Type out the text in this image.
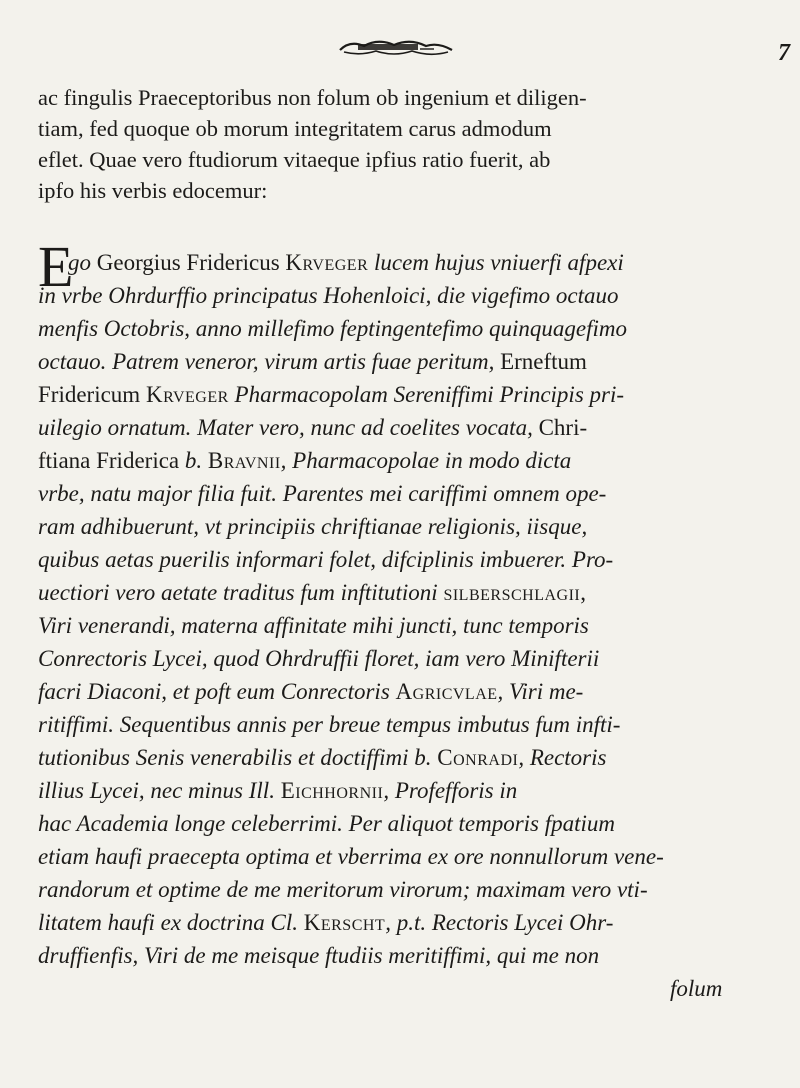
7
ac fingulis Praeceptoribus non folum ob ingenium et diligen-
tiam, fed quoque ob morum integritatem carus admodum
eflet. Quae vero ftudiorum vitaeque ipfius ratio fuerit, ab
ipfo his verbis edocemur:
E
go Georgius Fridericus Krveger lucem hujus vniuerfi afpexi
in vrbe Ohrdurffio principatus Hohenloici, die vigefimo octauo
menfis Octobris, anno millefimo feptingentefimo quinquagefimo
octauo. Patrem veneror, virum artis fuae peritum, Erneftum
Fridericum Krveger Pharmacopolam Sereniffimi Principis pri-
uilegio ornatum. Mater vero, nunc ad coelites vocata, Chri-
ftiana Friderica b. Bravnii, Pharmacopolae in modo dicta
vrbe, natu major filia fuit. Parentes mei cariffimi omnem ope-
ram adhibuerunt, vt principiis chriftianae religionis, iisque,
quibus aetas puerilis informari folet, difciplinis imbuerer. Pro-
uectiori vero aetate traditus fum inftitutioni silberschlagii,
Viri venerandi, materna affinitate mihi juncti, tunc temporis
Conrectoris Lycei, quod Ohrdruffii floret, iam vero Minifterii
facri Diaconi, et poft eum Conrectoris Agricvlae, Viri me-
ritiffimi. Sequentibus annis per breue tempus imbutus fum infti-
tutionibus Senis venerabilis et doctiffimi b. Conradi, Rectoris
illius Lycei, nec minus Ill. Eichhornii, Profefforis in
hac Academia longe celeberrimi. Per aliquot temporis fpatium
etiam haufi praecepta optima et vberrima ex ore nonnullorum vene-
randorum et optime de me meritorum virorum; maximam vero vti-
litatem haufi ex doctrina Cl. Kerscht, p.t. Rectoris Lycei Ohr-
druffienfis, Viri de me meisque ftudiis meritiffimi, qui me non
folum
